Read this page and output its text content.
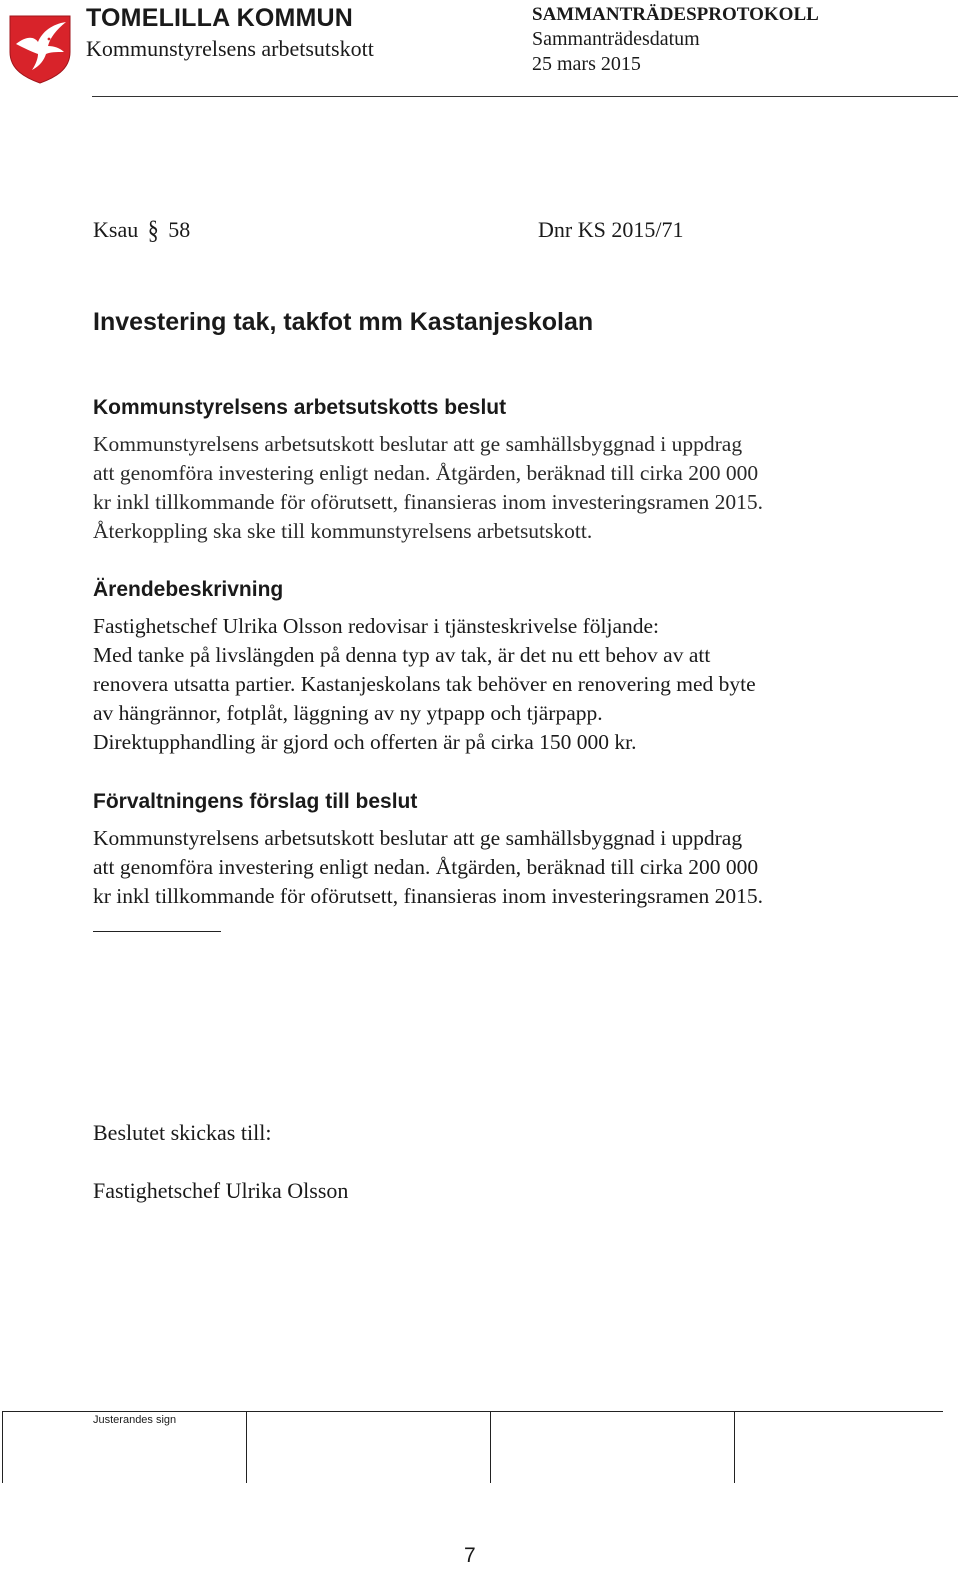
TOMELILLA KOMMUN
Kommunstyrelsens arbetsutskott
SAMMANTRÄDESPROTOKOLL
Sammanträdesdatum
25 mars 2015
Ksau § 58	Dnr KS 2015/71
Investering tak, takfot mm Kastanjeskolan
Kommunstyrelsens arbetsutskotts beslut
Kommunstyrelsens arbetsutskott beslutar att ge samhällsbyggnad i uppdrag
att genomföra investering enligt nedan. Åtgärden, beräknad till cirka 200 000
kr inkl tillkommande för oförutsett, finansieras inom investeringsramen 2015.
Återkoppling ska ske till kommunstyrelsens arbetsutskott.
Ärendebeskrivning
Fastighetschef Ulrika Olsson redovisar i tjänsteskrivelse följande:
Med tanke på livslängden på denna typ av tak, är det nu ett behov av att
renovera utsatta partier. Kastanjeskolans tak behöver en renovering med byte
av hängrännor, fotplåt, läggning av ny ytpapp och tjärpapp.
Direktupphandling är gjord och offerten är på cirka 150 000 kr.
Förvaltningens förslag till beslut
Kommunstyrelsens arbetsutskott beslutar att ge samhällsbyggnad i uppdrag
att genomföra investering enligt nedan. Åtgärden, beräknad till cirka 200 000
kr inkl tillkommande för oförutsett, finansieras inom investeringsramen 2015.
Beslutet skickas till:
Fastighetschef Ulrika Olsson
Justerandes sign
7
